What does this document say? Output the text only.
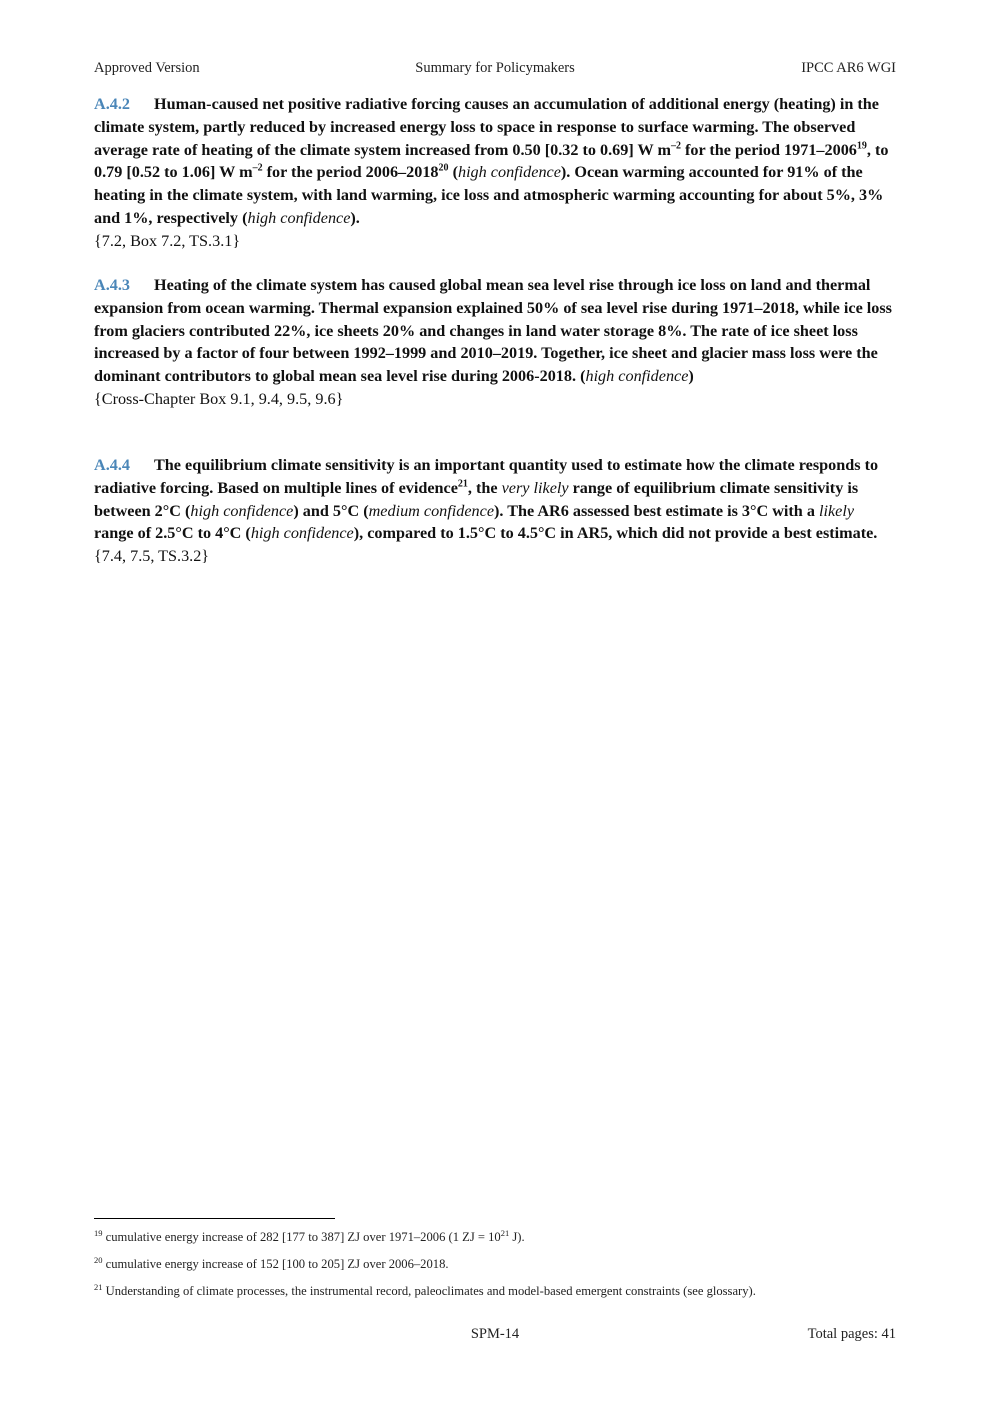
Approved Version	Summary for Policymakers	IPCC AR6 WGI

A.4.2 Human-caused net positive radiative forcing causes an accumulation of additional energy (heating) in the climate system, partly reduced by increased energy loss to space in response to surface warming. The observed average rate of heating of the climate system increased from 0.50 [0.32 to 0.69] W $m^{-2}$ for the period 1971–2006$^{19}$, to 0.79 [0.52 to 1.06] W $m^{-2}$ for the period 2006–2018$^{20}$ (high confidence). Ocean warming accounted for 91% of the heating in the climate system, with land warming, ice loss and atmospheric warming accounting for about 5%, 3% and 1%, respectively (high confidence).

{7.2, Box 7.2, TS.3.1}

A.4.3 Heating of the climate system has caused global mean sea level rise through ice loss on land and thermal expansion from ocean warming. Thermal expansion explained 50% of sea level rise during 1971–2018, while ice loss from glaciers contributed 22%, ice sheets 20% and changes in land water storage 8%. The rate of ice sheet loss increased by a factor of four between 1992–1999 and 2010–2019. Together, ice sheet and glacier mass loss were the dominant contributors to global mean sea level rise during 2006-2018. (high confidence)

{Cross-Chapter Box 9.1, 9.4, 9.5, 9.6}

A.4.4 The equilibrium climate sensitivity is an important quantity used to estimate how the climate responds to radiative forcing. Based on multiple lines of evidence$^{21}$, the very likely range of equilibrium climate sensitivity is between 2°C (high confidence) and 5°C (medium confidence). The AR6 assessed best estimate is 3°C with a likely range of 2.5°C to 4°C (high confidence), compared to 1.5°C to 4.5°C in AR5, which did not provide a best estimate.

{7.4, 7.5, TS.3.2}

$^{19}$ cumulative energy increase of 282 [177 to 387] ZJ over 1971–2006 (1 ZJ = $10^{21}$ J).
$^{20}$ cumulative energy increase of 152 [100 to 205] ZJ over 2006–2018.
$^{21}$ Understanding of climate processes, the instrumental record, paleoclimates and model-based emergent constraints (see glossary).
SPM-14	Total pages: 41
